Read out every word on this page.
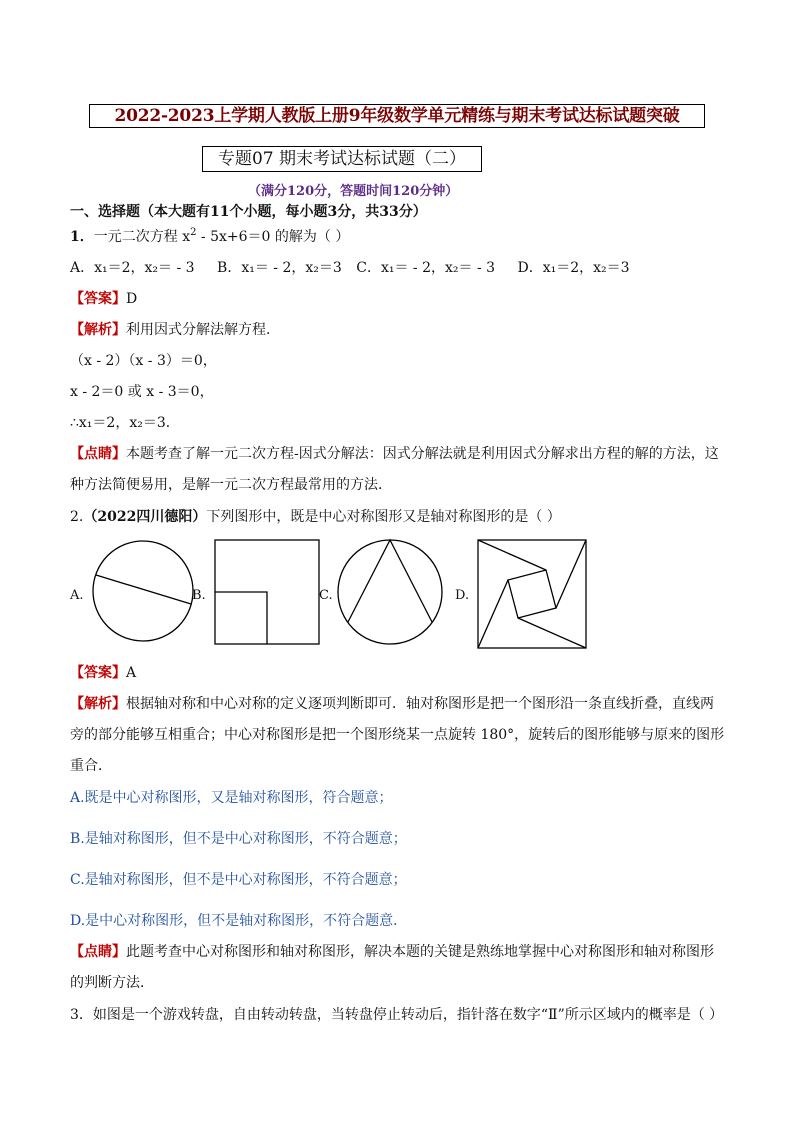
2022-2023上学期人教版上册9年级数学单元精练与期末考试达标试题突破
专题07 期末考试达标试题（二）
（满分120分，答题时间120分钟）
一、选择题（本大题有11个小题，每小题3分，共33分）
1．一元二次方程 $x^2 - 5x+6=0$ 的解为（ ）
A．x₁＝2，x₂＝ - 3 B．x₁＝ - 2，x₂＝3 C．x₁＝ - 2，x₂＝ - 3 D．x₁＝2，x₂＝3
【答案】D
【解析】利用因式分解法解方程．
（x - 2）（x - 3）＝0，
x - 2＝0 或 x - 3＝0，
∴x₁＝2，x₂＝3．
【点睛】本题考查了解一元二次方程-因式分解法：因式分解法就是利用因式分解求出方程的解的方法，这
种方法简便易用，是解一元二次方程最常用的方法．
2.（2022四川德阳）下列图形中，既是中心对称图形又是轴对称图形的是（ ）
A.	B.	C.	D.
【答案】A
【解析】根据轴对称和中心对称的定义逐项判断即可．轴对称图形是把一个图形沿一条直线折叠，直线两
旁的部分能够互相重合；中心对称图形是把一个图形绕某一点旋转 180°，旋转后的图形能够与原来的图形
重合．
A.既是中心对称图形，又是轴对称图形，符合题意；
B.是轴对称图形，但不是中心对称图形，不符合题意；
C.是轴对称图形，但不是中心对称图形，不符合题意；
D.是中心对称图形，但不是轴对称图形，不符合题意．
【点睛】此题考查中心对称图形和轴对称图形，解决本题的关键是熟练地掌握中心对称图形和轴对称图形
的判断方法．
3．如图是一个游戏转盘，自由转动转盘，当转盘停止转动后，指针落在数字“Ⅱ”所示区域内的概率是（ ）
